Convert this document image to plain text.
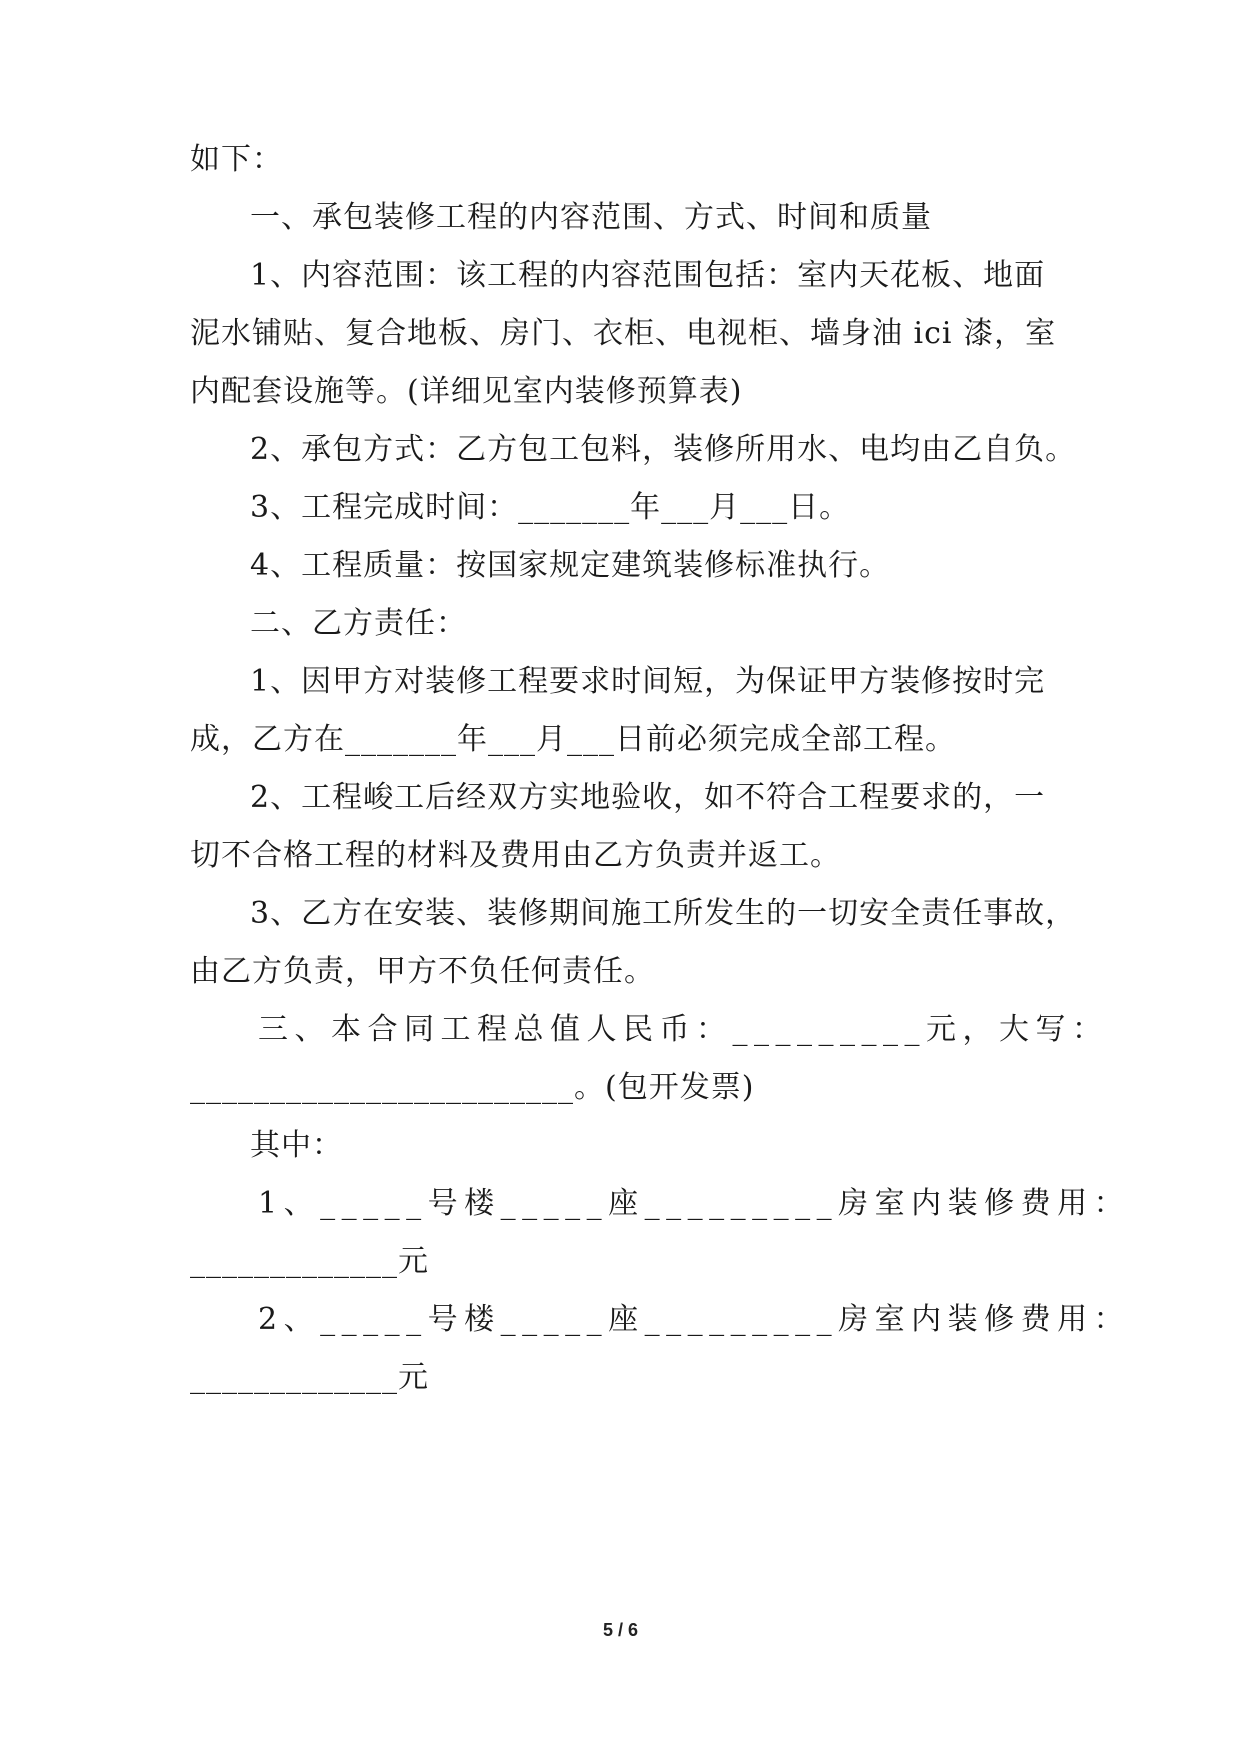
如下：
一、承包装修工程的内容范围、方式、时间和质量
1、内容范围：该工程的内容范围包括：室内天花板、地面
泥水铺贴、复合地板、房门、衣柜、电视柜、墙身油 ici 漆，室
内配套设施等。(详细见室内装修预算表)
2、承包方式：乙方包工包料，装修所用水、电均由乙自负。
3、工程完成时间：_______年___月___日。
4、工程质量：按国家规定建筑装修标准执行。
二、乙方责任：
1、因甲方对装修工程要求时间短，为保证甲方装修按时完
成，乙方在_______年___月___日前必须完成全部工程。
2、工程峻工后经双方实地验收，如不符合工程要求的，一
切不合格工程的材料及费用由乙方负责并返工。
3、乙方在安装、装修期间施工所发生的一切安全责任事故，
由乙方负责，甲方不负任何责任。
三、本合同工程总值人民币：_________元，大写：
________________________。(包开发票)
其中：
1、_____号楼_____座_________房室内装修费用：
_____________元
2、_____号楼_____座_________房室内装修费用：
_____________元
5 / 6
